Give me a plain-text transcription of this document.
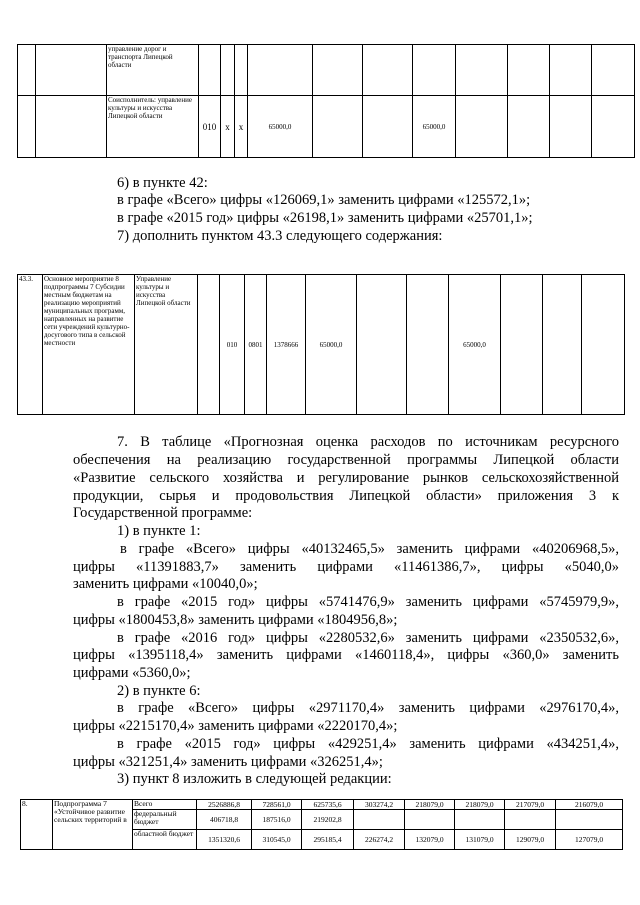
		управление дорог и транспорта Липецкой области											
		Соисполнитель: управление культуры и искусства Липецкой области	010	х	х	65000,0			65000,0				
6) в пункте 42:
в графе «Всего» цифры «126069,1» заменить цифрами «125572,1»;
в графе «2015 год» цифры «26198,1» заменить цифрами «25701,1»;
7) дополнить пунктом 43.3 следующего содержания:
43.3.	Основное мероприятие 8 подпрограммы 7 Субсидии местным бюджетам на реализацию мероприятий муниципальных программ, направленных на развитие сети учреждений культурно-досугового типа в сельской местности	Управление культуры и искусства Липецкой области		010	0801	1378666	65000,0			65000,0			
7. В таблице «Прогнозная оценка расходов по источникам ресурсного
обеспечения на реализацию государственной программы Липецкой области
«Развитие сельского хозяйства и регулирование рынков сельскохозяйственной
продукции, сырья и продовольствия Липецкой области» приложения 3 к
Государственной программе:
1) в пункте 1:
в графе «Всего» цифры «40132465,5» заменить цифрами «40206968,5»,
цифры «11391883,7» заменить цифрами «11461386,7», цифры «5040,0»
заменить цифрами «10040,0»;
в графе «2015 год» цифры «5741476,9» заменить цифрами «5745979,9»,
цифры «1800453,8» заменить цифрами «1804956,8»;
в графе «2016 год» цифры «2280532,6» заменить цифрами «2350532,6»,
цифры «1395118,4» заменить цифрами «1460118,4», цифры «360,0» заменить
цифрами «5360,0»;
2) в пункте 6:
в графе «Всего» цифры «2971170,4» заменить цифрами «2976170,4»,
цифры «2215170,4» заменить цифрами «2220170,4»;
в графе «2015 год» цифры «429251,4» заменить цифрами «434251,4»,
цифры «321251,4» заменить цифрами «326251,4»;
3) пункт 8 изложить в следующей редакции:
8.	Подпрограмма 7 «Устойчивое развитие сельских территорий в	Всего	2526886,8	728561,0	625735,6	303274,2	218079,0	218079,0	217079,0	216079,0
		федеральный бюджет	406718,8	187516,0	219202,8					
		областной бюджет	1351320,6	310545,0	295185,4	226274,2	132079,0	131079,0	129079,0	127079,0
